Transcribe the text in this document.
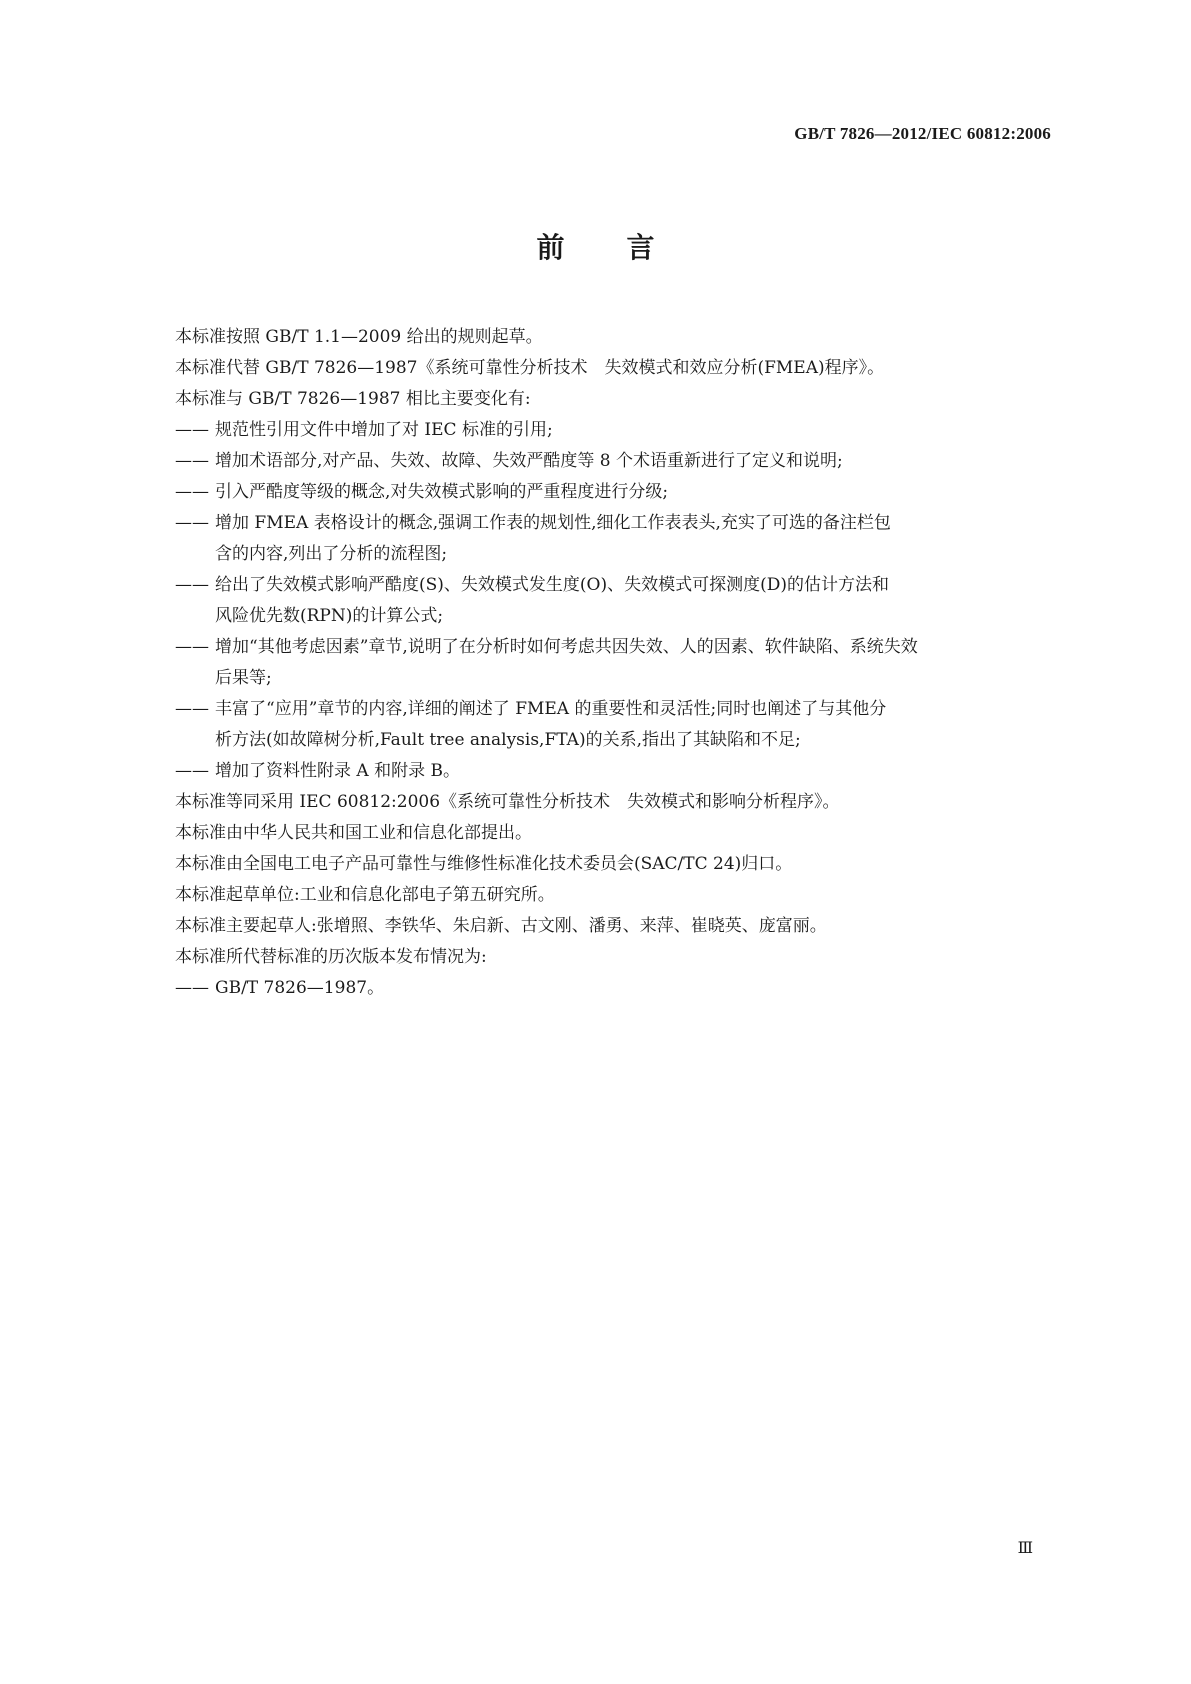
GB/T 7826—2012/IEC 60812:2006
前言
本标准按照 GB/T 1.1—2009 给出的规则起草。
本标准代替 GB/T 7826—1987《系统可靠性分析技术　失效模式和效应分析(FMEA)程序》。
本标准与 GB/T 7826—1987 相比主要变化有:
—— 规范性引用文件中增加了对 IEC 标准的引用;
—— 增加术语部分,对产品、失效、故障、失效严酷度等 8 个术语重新进行了定义和说明;
—— 引入严酷度等级的概念,对失效模式影响的严重程度进行分级;
—— 增加 FMEA 表格设计的概念,强调工作表的规划性,细化工作表表头,充实了可选的备注栏包
含的内容,列出了分析的流程图;
—— 给出了失效模式影响严酷度(S)、失效模式发生度(O)、失效模式可探测度(D)的估计方法和
风险优先数(RPN)的计算公式;
—— 增加“其他考虑因素”章节,说明了在分析时如何考虑共因失效、人的因素、软件缺陷、系统失效
后果等;
—— 丰富了“应用”章节的内容,详细的阐述了 FMEA 的重要性和灵活性;同时也阐述了与其他分
析方法(如故障树分析,Fault tree analysis,FTA)的关系,指出了其缺陷和不足;
—— 增加了资料性附录 A 和附录 B。
本标准等同采用 IEC 60812:2006《系统可靠性分析技术　失效模式和影响分析程序》。
本标准由中华人民共和国工业和信息化部提出。
本标准由全国电工电子产品可靠性与维修性标准化技术委员会(SAC/TC 24)归口。
本标准起草单位:工业和信息化部电子第五研究所。
本标准主要起草人:张增照、李铁华、朱启新、古文刚、潘勇、来萍、崔晓英、庞富丽。
本标准所代替标准的历次版本发布情况为:
—— GB/T 7826—1987。
Ⅲ
